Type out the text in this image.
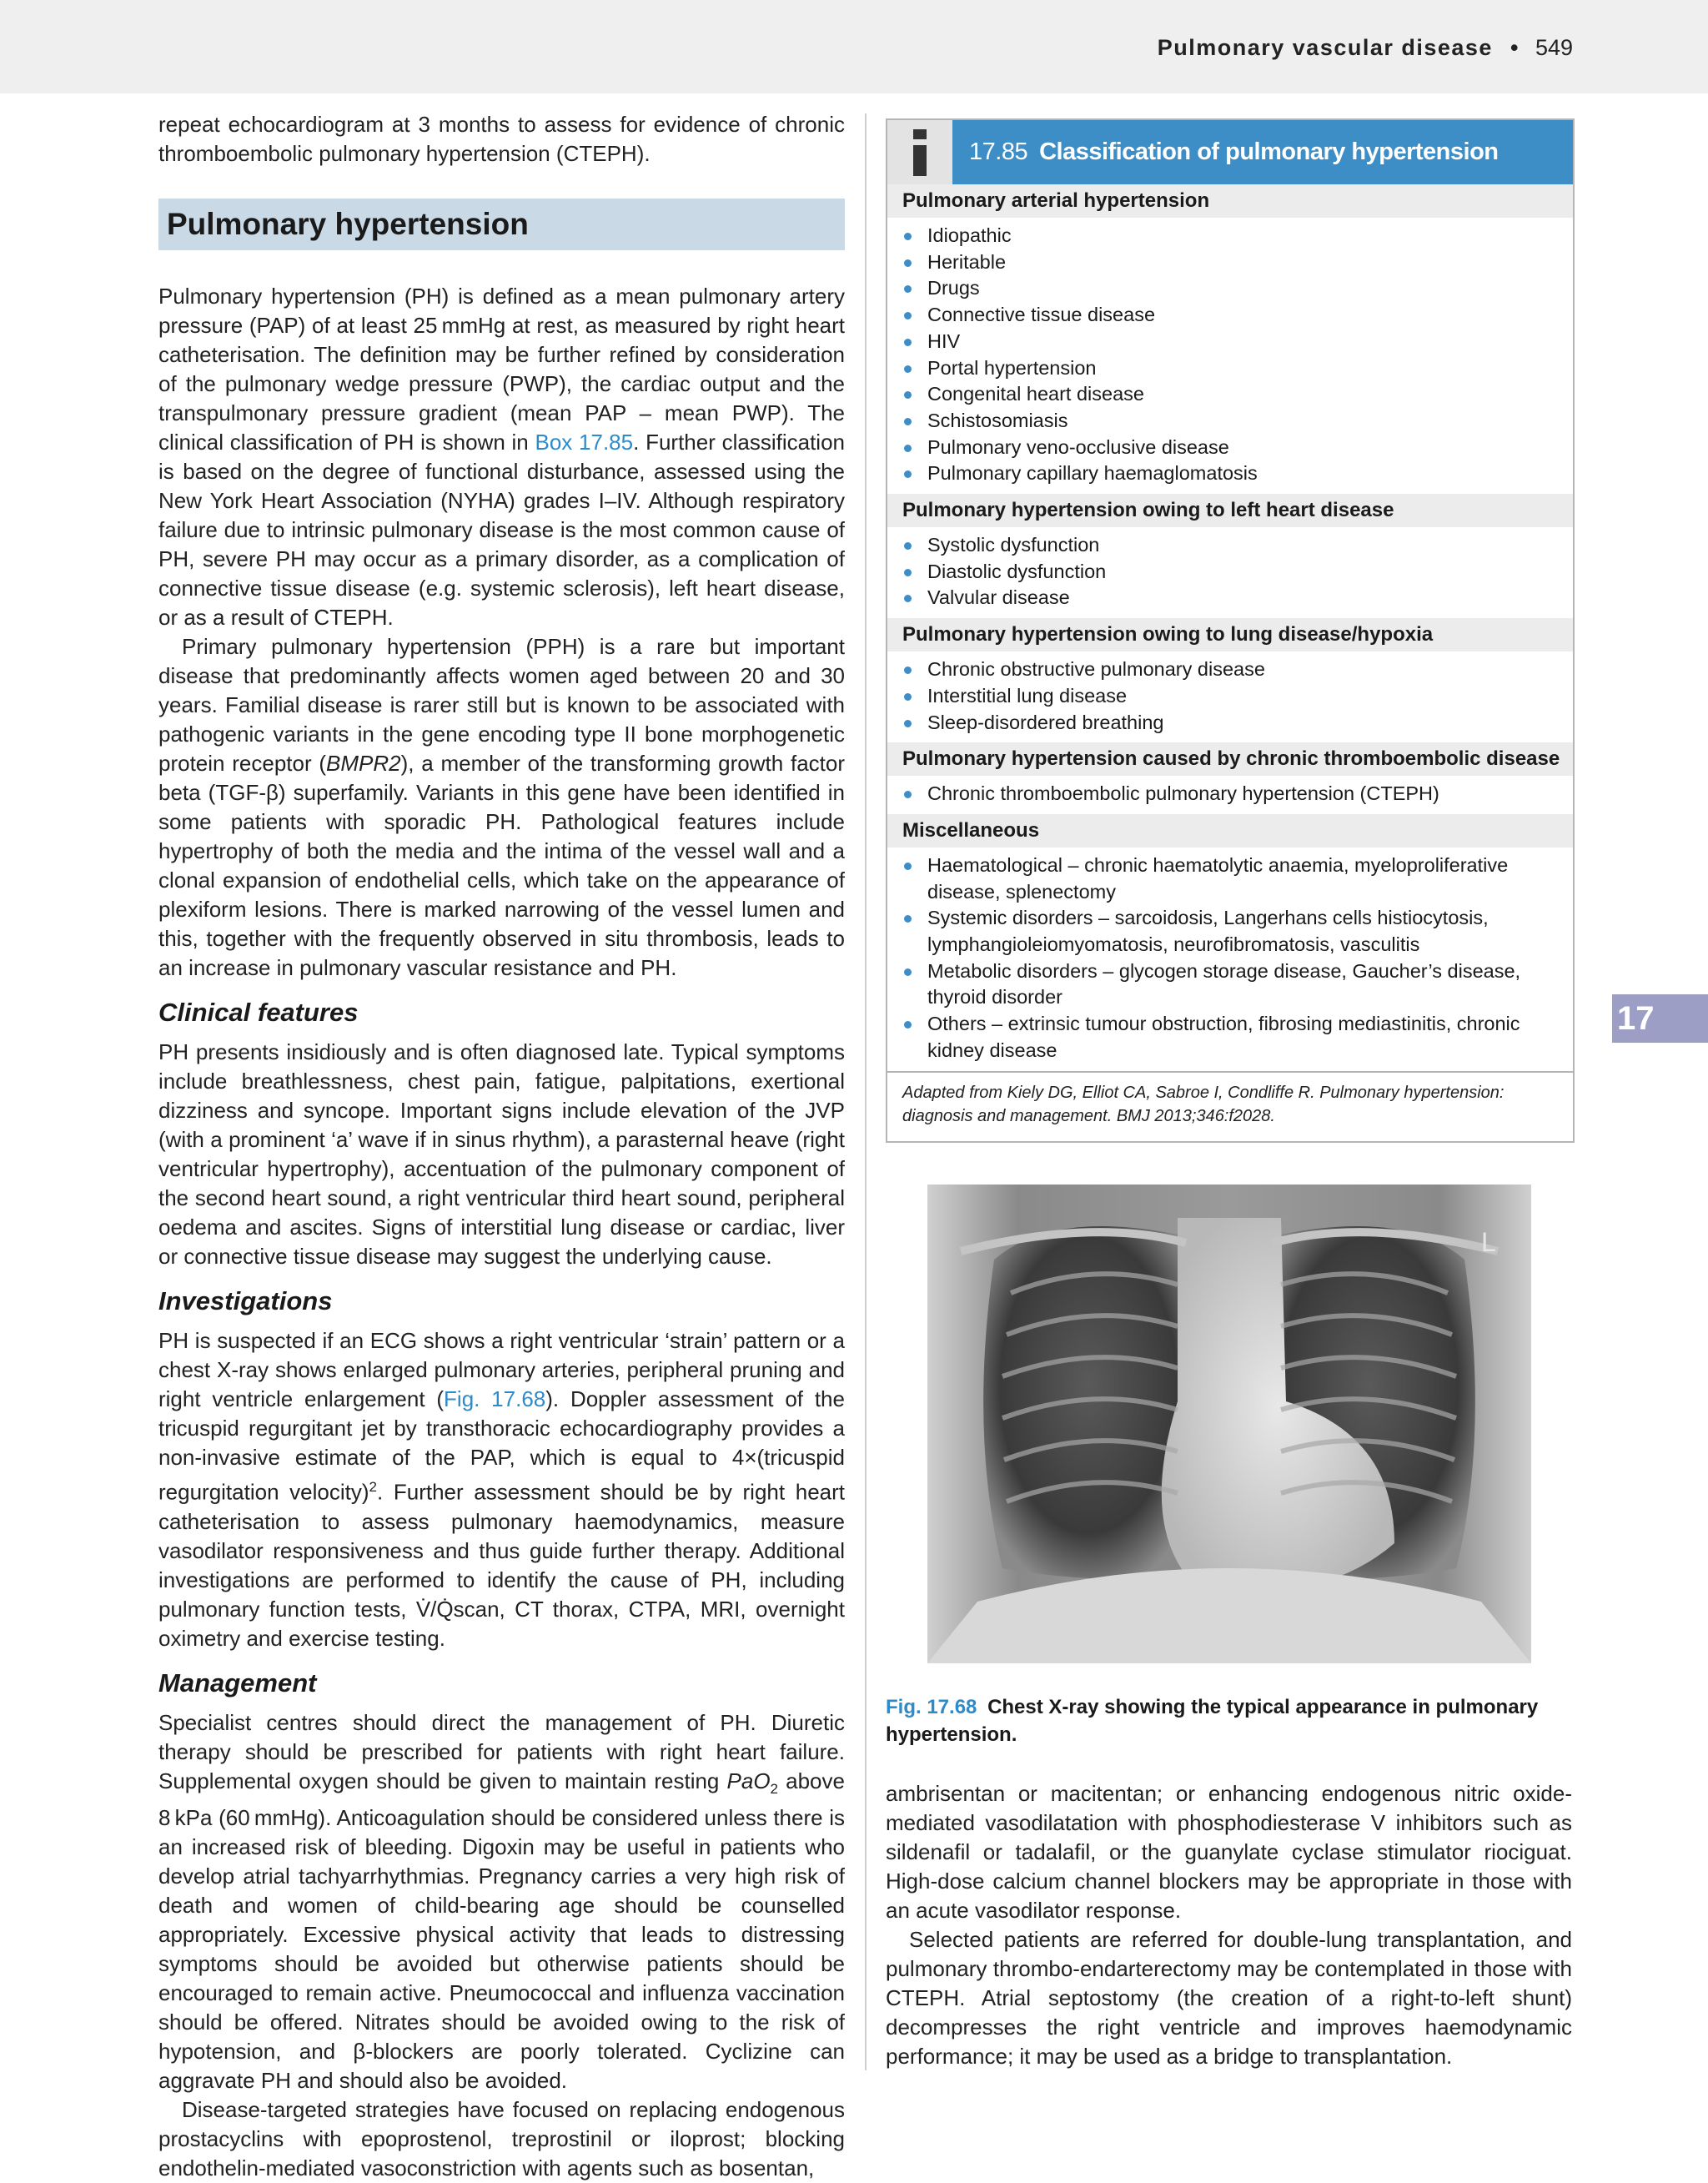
Pulmonary vascular disease • 549

repeat echocardiogram at 3 months to assess for evidence of chronic thromboembolic pulmonary hypertension (CTEPH).

Pulmonary hypertension

Pulmonary hypertension (PH) is defined as a mean pulmonary artery pressure (PAP) of at least 25 mmHg at rest, as measured by right heart catheterisation. The definition may be further refined by consideration of the pulmonary wedge pressure (PWP), the cardiac output and the transpulmonary pressure gradient (mean PAP – mean PWP). The clinical classification of PH is shown in Box 17.85. Further classification is based on the degree of functional disturbance, assessed using the New York Heart Association (NYHA) grades I–IV. Although respiratory failure due to intrinsic pulmonary disease is the most common cause of PH, severe PH may occur as a primary disorder, as a complication of connective tissue disease (e.g. systemic sclerosis), left heart disease, or as a result of CTEPH.

Primary pulmonary hypertension (PPH) is a rare but important disease that predominantly affects women aged between 20 and 30 years. Familial disease is rarer still but is known to be associated with pathogenic variants in the gene encoding type II bone morphogenetic protein receptor (BMPR2), a member of the transforming growth factor beta (TGF-β) superfamily. Variants in this gene have been identified in some patients with sporadic PH. Pathological features include hypertrophy of both the media and the intima of the vessel wall and a clonal expansion of endothelial cells, which take on the appearance of plexiform lesions. There is marked narrowing of the vessel lumen and this, together with the frequently observed in situ thrombosis, leads to an increase in pulmonary vascular resistance and PH.

Clinical features

PH presents insidiously and is often diagnosed late. Typical symptoms include breathlessness, chest pain, fatigue, palpitations, exertional dizziness and syncope. Important signs include elevation of the JVP (with a prominent ‘a’ wave if in sinus rhythm), a parasternal heave (right ventricular hypertrophy), accentuation of the pulmonary component of the second heart sound, a right ventricular third heart sound, peripheral oedema and ascites. Signs of interstitial lung disease or cardiac, liver or connective tissue disease may suggest the underlying cause.

Investigations

PH is suspected if an ECG shows a right ventricular ‘strain’ pattern or a chest X-ray shows enlarged pulmonary arteries, peripheral pruning and right ventricle enlargement (Fig. 17.68). Doppler assessment of the tricuspid regurgitant jet by transthoracic echocardiography provides a non-invasive estimate of the PAP, which is equal to 4×(tricuspid regurgitation velocity)$^2$. Further assessment should be by right heart catheterisation to assess pulmonary haemodynamics, measure vasodilator responsiveness and thus guide further therapy. Additional investigations are performed to identify the cause of PH, including pulmonary function tests, V̇/Q̇scan, CT thorax, CTPA, MRI, overnight oximetry and exercise testing.

Management

Specialist centres should direct the management of PH. Diuretic therapy should be prescribed for patients with right heart failure. Supplemental oxygen should be given to maintain resting PaO$_2$ above 8 kPa (60 mmHg). Anticoagulation should be considered unless there is an increased risk of bleeding. Digoxin may be useful in patients who develop atrial tachyarrhythmias. Pregnancy carries a very high risk of death and women of child-bearing age should be counselled appropriately. Excessive physical activity that leads to distressing symptoms should be avoided but otherwise patients should be encouraged to remain active. Pneumococcal and influenza vaccination should be offered. Nitrates should be avoided owing to the risk of hypotension, and β-blockers are poorly tolerated. Cyclizine can aggravate PH and should also be avoided.

Disease-targeted strategies have focused on replacing endogenous prostacyclins with epoprostenol, treprostinil or iloprost; blocking endothelin-mediated vasoconstriction with agents such as bosentan,

17.85 Classification of pulmonary hypertension
Pulmonary arterial hypertension
Idiopathic
Heritable
Drugs
Connective tissue disease
HIV
Portal hypertension
Congenital heart disease
Schistosomiasis
Pulmonary veno-occlusive disease
Pulmonary capillary haemaglomatosis
Pulmonary hypertension owing to left heart disease
Systolic dysfunction
Diastolic dysfunction
Valvular disease
Pulmonary hypertension owing to lung disease/hypoxia
Chronic obstructive pulmonary disease
Interstitial lung disease
Sleep-disordered breathing
Pulmonary hypertension caused by chronic thromboembolic disease
Chronic thromboembolic pulmonary hypertension (CTEPH)
Miscellaneous
Haematological – chronic haematolytic anaemia, myeloproliferative disease, splenectomy
Systemic disorders – sarcoidosis, Langerhans cells histiocytosis, lymphangioleiomyomatosis, neurofibromatosis, vasculitis
Metabolic disorders – glycogen storage disease, Gaucher’s disease, thyroid disorder
Others – extrinsic tumour obstruction, fibrosing mediastinitis, chronic kidney disease
Adapted from Kiely DG, Elliot CA, Sabroe I, Condliffe R. Pulmonary hypertension: diagnosis and management. BMJ 2013;346:f2028.
L
Fig. 17.68 Chest X-ray showing the typical appearance in pulmonary hypertension.

ambrisentan or macitentan; or enhancing endogenous nitric oxide-mediated vasodilatation with phosphodiesterase V inhibitors such as sildenafil or tadalafil, or the guanylate cyclase stimulator riociguat. High-dose calcium channel blockers may be appropriate in those with an acute vasodilator response.

Selected patients are referred for double-lung transplantation, and pulmonary thrombo-endarterectomy may be contemplated in those with CTEPH. Atrial septostomy (the creation of a right-to-left shunt) decompresses the right ventricle and improves haemodynamic performance; it may be used as a bridge to transplantation.

17
